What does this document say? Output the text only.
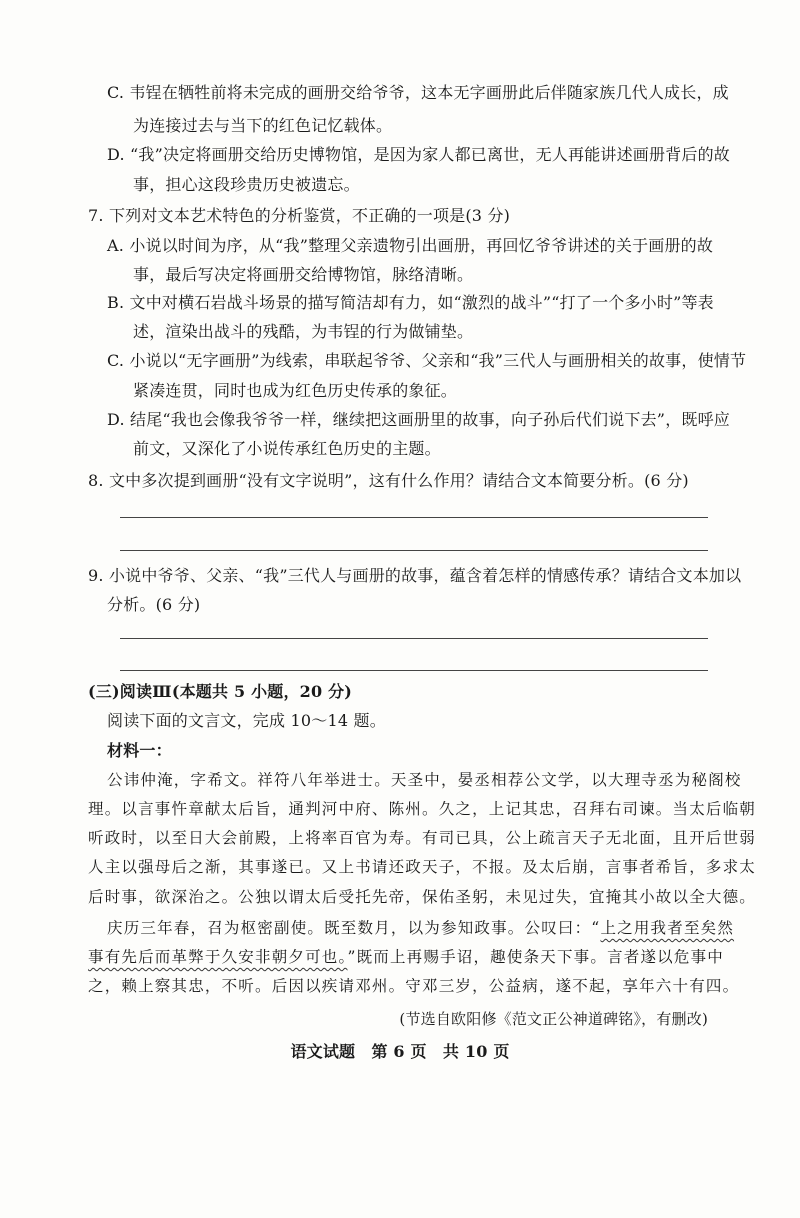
C. 韦锃在牺牲前将未完成的画册交给爷爷，这本无字画册此后伴随家族几代人成长，成
为连接过去与当下的红色记忆载体。
D. “我”决定将画册交给历史博物馆，是因为家人都已离世，无人再能讲述画册背后的故
事，担心这段珍贵历史被遗忘。
7. 下列对文本艺术特色的分析鉴赏，不正确的一项是(3 分)
A. 小说以时间为序，从“我”整理父亲遗物引出画册，再回忆爷爷讲述的关于画册的故
事，最后写决定将画册交给博物馆，脉络清晰。
B. 文中对横石岩战斗场景的描写简洁却有力，如“激烈的战斗”“打了一个多小时”等表
述，渲染出战斗的残酷，为韦锃的行为做铺垫。
C. 小说以“无字画册”为线索，串联起爷爷、父亲和“我”三代人与画册相关的故事，使情节
紧凑连贯，同时也成为红色历史传承的象征。
D. 结尾“我也会像我爷爷一样，继续把这画册里的故事，向子孙后代们说下去”，既呼应
前文，又深化了小说传承红色历史的主题。
8. 文中多次提到画册“没有文字说明”，这有什么作用？请结合文本简要分析。(6 分)
9. 小说中爷爷、父亲、“我”三代人与画册的故事，蕴含着怎样的情感传承？请结合文本加以
分析。(6 分)
(三)阅读Ⅲ(本题共 5 小题，20 分)
阅读下面的文言文，完成 10～14 题。
材料一：
公讳仲淹，字希文。祥符八年举进士。天圣中，晏丞相荐公文学，以大理寺丞为秘阁校
理。以言事忤章献太后旨，通判河中府、陈州。久之，上记其忠，召拜右司谏。当太后临朝
听政时，以至日大会前殿，上将率百官为寿。有司已具，公上疏言天子无北面，且开后世弱
人主以强母后之渐，其事遂已。又上书请还政天子，不报。及太后崩，言事者希旨，多求太
后时事，欲深治之。公独以谓太后受托先帝，保佑圣躬，未见过失，宜掩其小故以全大德。
庆历三年春，召为枢密副使。既至数月，以为参知政事。公叹曰：“上之用我者至矣然
事有先后而革弊于久安非朝夕可也。”既而上再赐手诏，趣使条天下事。言者遂以危事中
之，赖上察其忠，不听。后因以疾请邓州。守邓三岁，公益病，遂不起，享年六十有四。
(节选自欧阳修《范文正公神道碑铭》，有删改)
语文试题　第 6 页　共 10 页
